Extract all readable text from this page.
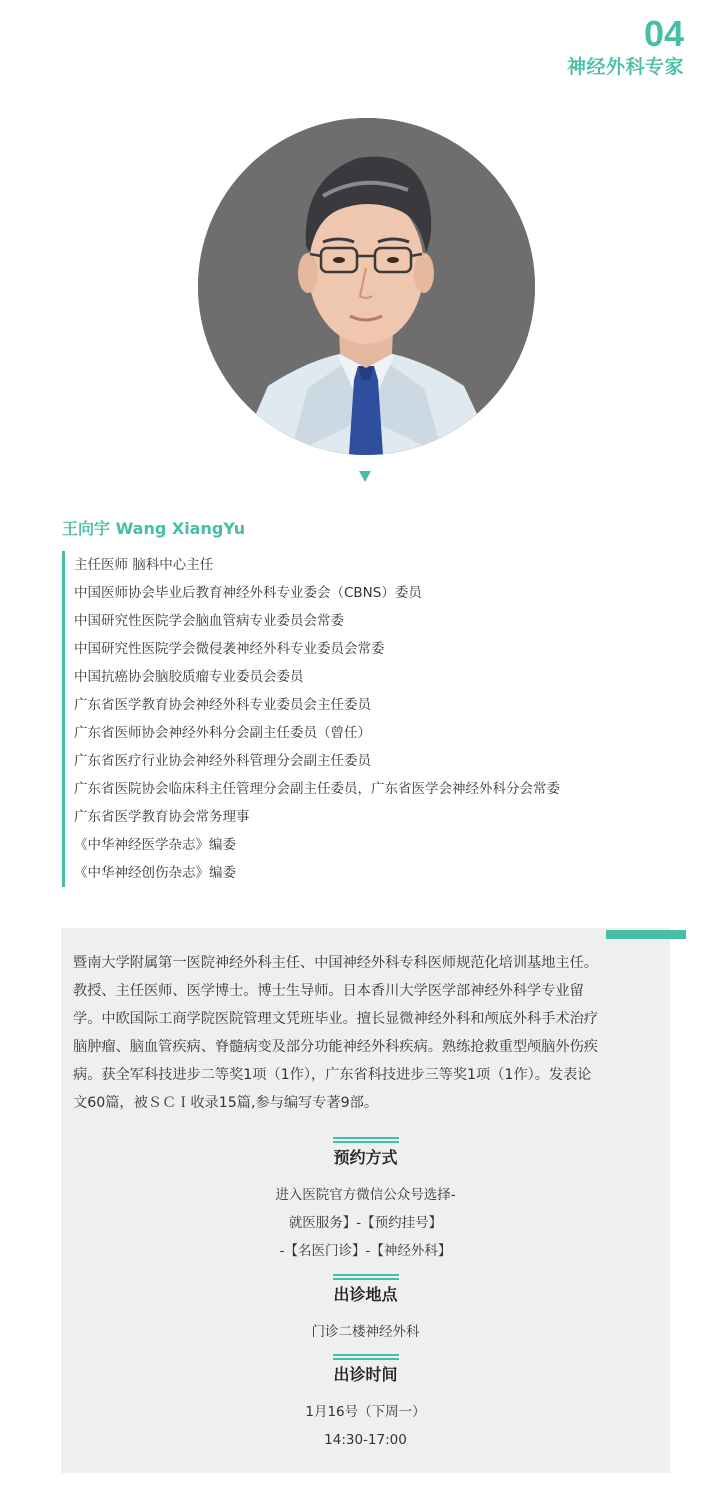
04
神经外科专家
王向宇 Wang XiangYu
主任医师 脑科中心主任
中国医师协会毕业后教育神经外科专业委会（CBNS）委员
中国研究性医院学会脑血管病专业委员会常委
中国研究性医院学会微侵袭神经外科专业委员会常委
中国抗癌协会脑胶质瘤专业委员会委员
广东省医学教育协会神经外科专业委员会主任委员
广东省医师协会神经外科分会副主任委员（曾任）
广东省医疗行业协会神经外科管理分会副主任委员
广东省医院协会临床科主任管理分会副主任委员，广东省医学会神经外科分会常委
广东省医学教育协会常务理事
《中华神经医学杂志》编委
《中华神经创伤杂志》编委
暨南大学附属第一医院神经外科主任、中国神经外科专科医师规范化培训基地主任。
教授、主任医师、医学博士。博士生导师。日本香川大学医学部神经外科学专业留
学。中欧国际工商学院医院管理文凭班毕业。擅长显微神经外科和颅底外科手术治疗
脑肿瘤、脑血管疾病、脊髓病变及部分功能神经外科疾病。熟练抢救重型颅脑外伤疾
病。获全军科技进步二等奖1项（1作），广东省科技进步三等奖1项（1作）。发表论
文60篇，被ＳＣＩ收录15篇,参与编写专著9部。
预约方式
进入医院官方微信公众号选择-
就医服务】-【预约挂号】
-【名医门诊】-【神经外科】
出诊地点
门诊二楼神经外科
出诊时间
1月16号（下周一）
14:30-17:00
